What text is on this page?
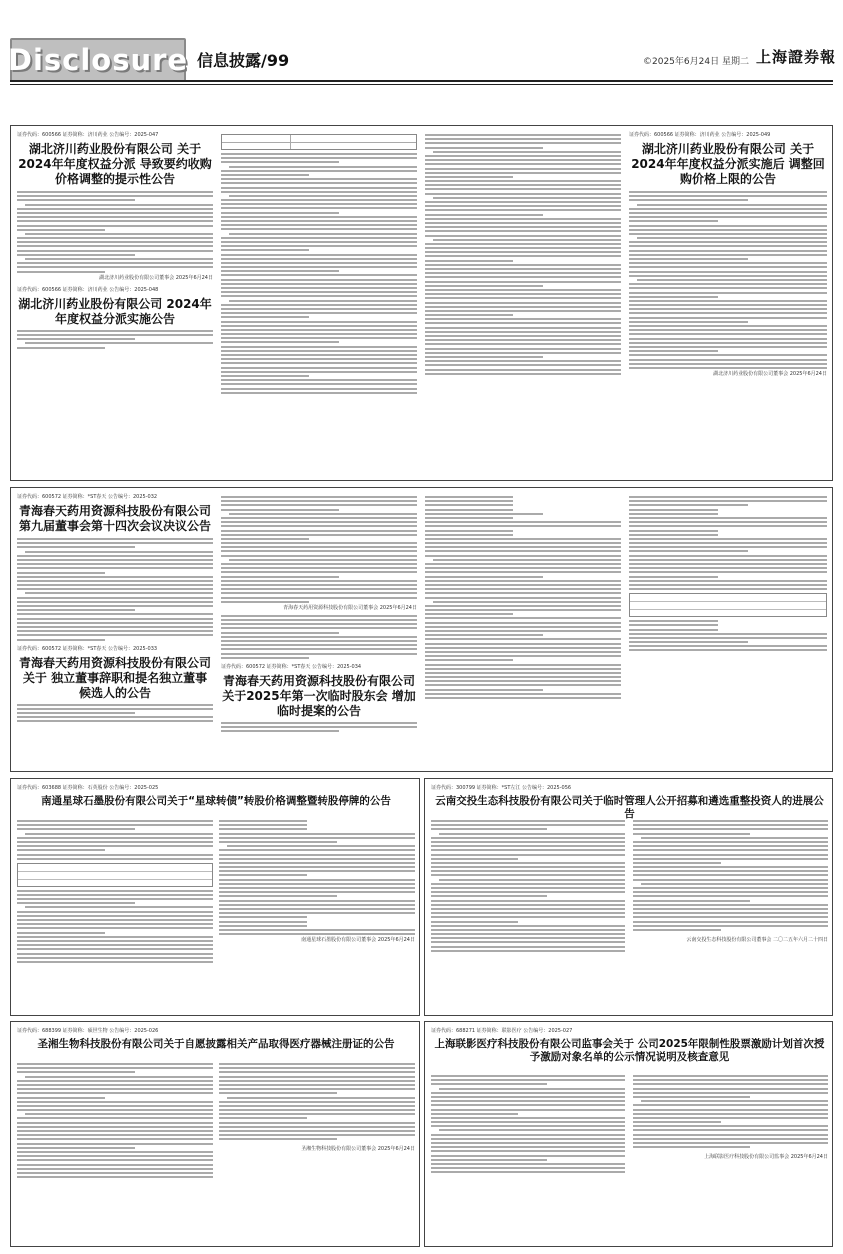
Disclosure 信息披露/99	©2025年6月24日 星期二 上海證券報
证券代码：600566 证券简称：济川药业 公告编号：2025-047
湖北济川药业股份有限公司 关于2024年年度权益分派 导致要约收购价格调整的提示性公告
湖北济川药业股份有限公司董事会 2025年6月24日
证券代码：600566 证券简称：济川药业 公告编号：2025-048
湖北济川药业股份有限公司 2024年年度权益分派实施公告
证券代码：600566 证券简称：济川药业 公告编号：2025-049
湖北济川药业股份有限公司 关于2024年年度权益分派实施后 调整回购价格上限的公告
湖北济川药业股份有限公司董事会 2025年6月24日
证券代码：600572 证券简称：*ST春天 公告编号：2025-032
青海春天药用资源科技股份有限公司 第九届董事会第十四次会议决议公告
证券代码：600572 证券简称：*ST春天 公告编号：2025-033
青海春天药用资源科技股份有限公司关于 独立董事辞职和提名独立董事候选人的公告
青海春天药用资源科技股份有限公司董事会 2025年6月24日
证券代码：600572 证券简称：*ST春天 公告编号：2025-034
青海春天药用资源科技股份有限公司 关于2025年第一次临时股东会 增加临时提案的公告
证券代码：603688 证券简称：石英股份 公告编号：2025-025
南通星球石墨股份有限公司关于“星球转债”转股价格调整暨转股停牌的公告
南通星球石墨股份有限公司董事会 2025年6月24日
证券代码：300799 证券简称：*ST左江 公告编号：2025-056
云南交投生态科技股份有限公司关于临时管理人公开招募和遴选重整投资人的进展公告
云南交投生态科技股份有限公司董事会 二〇二五年六月二十四日
证券代码：688399 证券简称：硕世生物 公告编号：2025-026
圣湘生物科技股份有限公司关于自愿披露相关产品取得医疗器械注册证的公告
圣湘生物科技股份有限公司董事会 2025年6月24日
证券代码：688271 证券简称：联影医疗 公告编号：2025-027
上海联影医疗科技股份有限公司监事会关于 公司2025年限制性股票激励计划首次授予激励对象名单的公示情况说明及核查意见
上海联影医疗科技股份有限公司监事会 2025年6月24日
